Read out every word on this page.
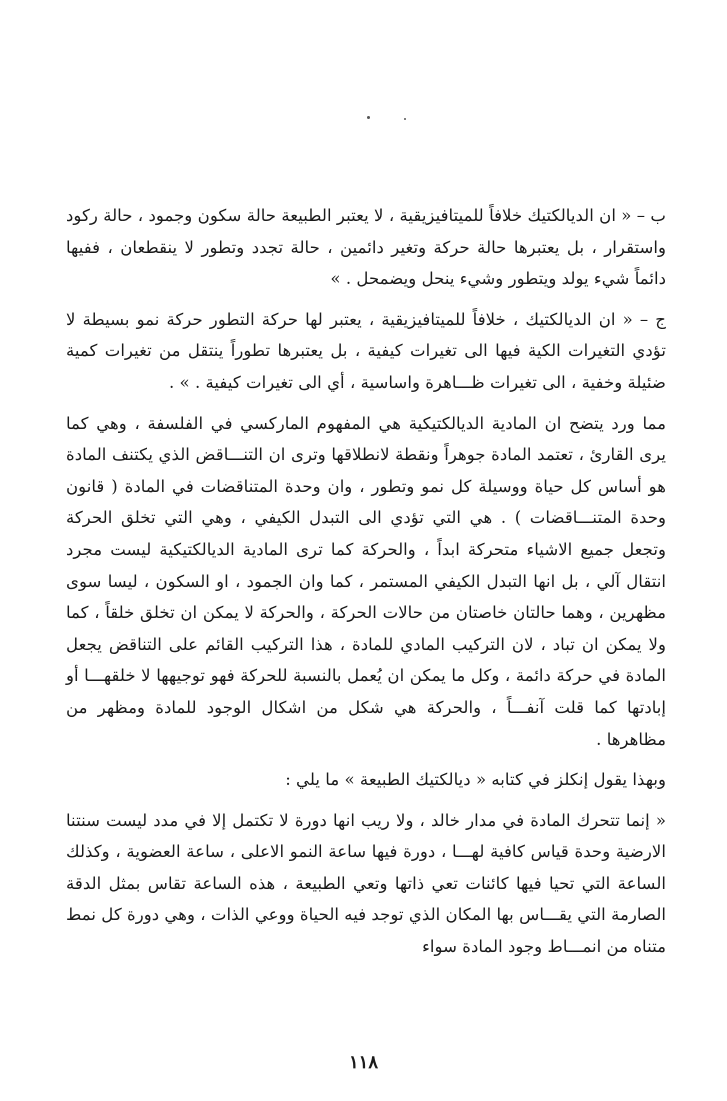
ب – « ان الديالكتيك خلافاً للميتافيزيقية ، لا يعتبر الطبيعة حالة سكون وجمود ، حالة ركود واستقرار ، بل يعتبرها حالة حركة وتغير دائمين ، حالة تجدد وتطور لا ينقطعان ، ففيها دائماً شيء يولد ويتطور وشيء ينحل ويضمحل . »

ج – « ان الديالكتيك ، خلافاً للميتافيزيقية ، يعتبر لها حركة التطور حركة نمو بسيطة لا تؤدي التغيرات الكية فيها الى تغيرات كيفية ، بل يعتبرها تطوراً ينتقل من تغيرات كمية ضئيلة وخفية ، الى تغيرات ظـــاهرة واساسية ، أي الى تغيرات كيفية . » .

مما ورد يتضح ان المادية الديالكتيكية هي المفهوم الماركسي في الفلسفة ، وهي كما يرى القارئ ، تعتمد المادة جوهراً ونقطة لانطلاقها وترى ان التنـــاقض الذي يكتنف المادة هو أساس كل حياة ووسيلة كل نمو وتطور ، وان وحدة المتناقضات في المادة ( قانون وحدة المتنـــاقضات ) . هي التي تؤدي الى التبدل الكيفي ، وهي التي تخلق الحركة وتجعل جميع الاشياء متحركة ابداً ، والحركة كما ترى المادية الديالكتيكية ليست مجرد انتقال آلي ، بل انها التبدل الكيفي المستمر ، كما وان الجمود ، او السكون ، ليسا سوى مظهرين ، وهما حالتان خاصتان من حالات الحركة ، والحركة لا يمكن ان تخلق خلقاً ، كما ولا يمكن ان تباد ، لان التركيب المادي للمادة ، هذا التركيب القائم على التناقض يجعل المادة في حركة دائمة ، وكل ما يمكن ان يُعمل بالنسبة للحركة فهو توجيهها لا خلقهـــا أو إبادتها كما قلت آنفـــاً ، والحركة هي شكل من اشكال الوجود للمادة ومظهر من مظاهرها .

وبهذا يقول إنكلز في كتابه « ديالكتيك الطبيعة » ما يلي :

« إنما تتحرك المادة في مدار خالد ، ولا ريب انها دورة لا تكتمل إلا في مدد ليست سنتنا الارضية وحدة قياس كافية لهـــا ، دورة فيها ساعة النمو الاعلى ، ساعة العضوية ، وكذلك الساعة التي تحيا فيها كائنات تعي ذاتها وتعي الطبيعة ، هذه الساعة تقاس بمثل الدقة الصارمة التي يقـــاس بها المكان الذي توجد فيه الحياة ووعي الذات ، وهي دورة كل نمط متناه من انمـــاط وجود المادة سواء

١١٨
